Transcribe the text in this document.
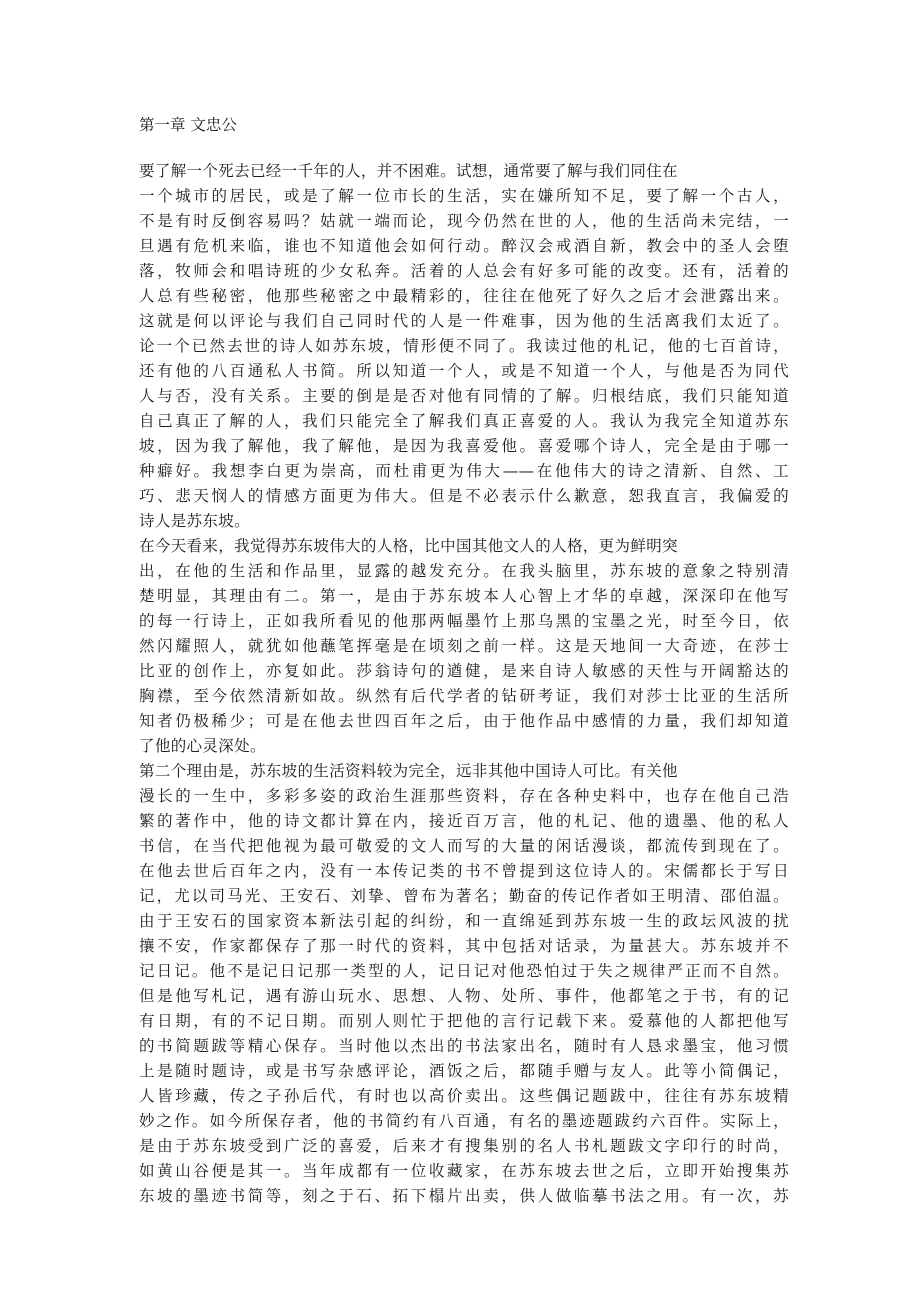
第一章 文忠公
要了解一个死去已经一千年的人，并不困难。试想，通常要了解与我们同住在
一个城市的居民，或是了解一位市长的生活，实在嫌所知不足，要了解一个古人，
不是有时反倒容易吗？姑就一端而论，现今仍然在世的人，他的生活尚未完结，一
旦遇有危机来临，谁也不知道他会如何行动。醉汉会戒酒自新，教会中的圣人会堕
落，牧师会和唱诗班的少女私奔。活着的人总会有好多可能的改变。还有，活着的
人总有些秘密，他那些秘密之中最精彩的，往往在他死了好久之后才会泄露出来。
这就是何以评论与我们自己同时代的人是一件难事，因为他的生活离我们太近了。
论一个已然去世的诗人如苏东坡，情形便不同了。我读过他的札记，他的七百首诗，
还有他的八百通私人书简。所以知道一个人，或是不知道一个人，与他是否为同代
人与否，没有关系。主要的倒是是否对他有同情的了解。归根结底，我们只能知道
自己真正了解的人，我们只能完全了解我们真正喜爱的人。我认为我完全知道苏东
坡，因为我了解他，我了解他，是因为我喜爱他。喜爱哪个诗人，完全是由于哪一
种癖好。我想李白更为崇高，而杜甫更为伟大——在他伟大的诗之清新、自然、工
巧、悲天悯人的情感方面更为伟大。但是不必表示什么歉意，恕我直言，我偏爱的
诗人是苏东坡。
在今天看来，我觉得苏东坡伟大的人格，比中国其他文人的人格，更为鲜明突
出，在他的生活和作品里，显露的越发充分。在我头脑里，苏东坡的意象之特别清
楚明显，其理由有二。第一，是由于苏东坡本人心智上才华的卓越，深深印在他写
的每一行诗上，正如我所看见的他那两幅墨竹上那乌黑的宝墨之光，时至今日，依
然闪耀照人，就犹如他蘸笔挥毫是在顷刻之前一样。这是天地间一大奇迹，在莎士
比亚的创作上，亦复如此。莎翁诗句的遒健，是来自诗人敏感的天性与开阔豁达的
胸襟，至今依然清新如故。纵然有后代学者的钻研考证，我们对莎士比亚的生活所
知者仍极稀少；可是在他去世四百年之后，由于他作品中感情的力量，我们却知道
了他的心灵深处。
第二个理由是，苏东坡的生活资料较为完全，远非其他中国诗人可比。有关他
漫长的一生中，多彩多姿的政治生涯那些资料，存在各种史料中，也存在他自己浩
繁的著作中，他的诗文都计算在内，接近百万言，他的札记、他的遗墨、他的私人
书信，在当代把他视为最可敬爱的文人而写的大量的闲话漫谈，都流传到现在了。
在他去世后百年之内，没有一本传记类的书不曾提到这位诗人的。宋儒都长于写日
记，尤以司马光、王安石、刘挚、曾布为著名；勤奋的传记作者如王明清、邵伯温。
由于王安石的国家资本新法引起的纠纷，和一直绵延到苏东坡一生的政坛风波的扰
攘不安，作家都保存了那一时代的资料，其中包括对话录，为量甚大。苏东坡并不
记日记。他不是记日记那一类型的人，记日记对他恐怕过于失之规律严正而不自然。
但是他写札记，遇有游山玩水、思想、人物、处所、事件，他都笔之于书，有的记
有日期，有的不记日期。而别人则忙于把他的言行记载下来。爱慕他的人都把他写
的书简题跋等精心保存。当时他以杰出的书法家出名，随时有人恳求墨宝，他习惯
上是随时题诗，或是书写杂感评论，酒饭之后，都随手赠与友人。此等小简偶记，
人皆珍藏，传之子孙后代，有时也以高价卖出。这些偶记题跋中，往往有苏东坡精
妙之作。如今所保存者，他的书简约有八百通，有名的墨迹题跋约六百件。实际上，
是由于苏东坡受到广泛的喜爱，后来才有搜集别的名人书札题跋文字印行的时尚，
如黄山谷便是其一。当年成都有一位收藏家，在苏东坡去世之后，立即开始搜集苏
东坡的墨迹书简等，刻之于石、拓下榻片出卖，供人做临摹书法之用。有一次，苏
